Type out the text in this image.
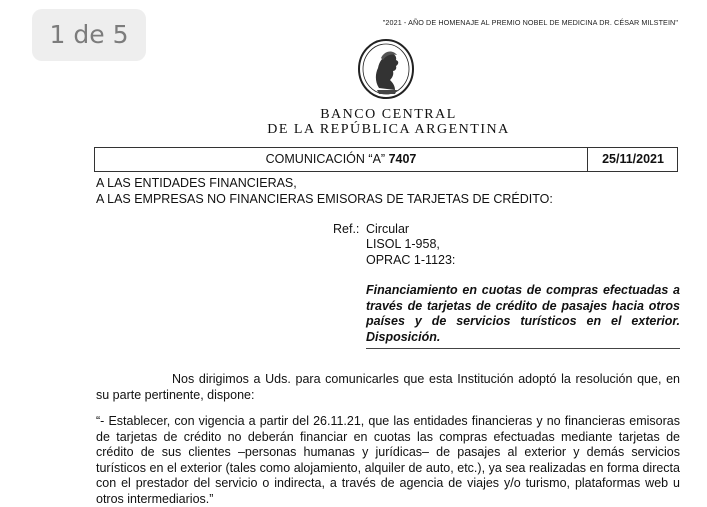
1 de 5	"2021 - AÑO DE HOMENAJE AL PREMIO NOBEL DE MEDICINA DR. CÉSAR MILSTEIN"
BANCO CENTRAL
DE LA REPÚBLICA ARGENTINA
COMUNICACIÓN “A” 7407	25/11/2021
A LAS ENTIDADES FINANCIERAS,
A LAS EMPRESAS NO FINANCIERAS EMISORAS DE TARJETAS DE CRÉDITO:
Ref.: Circular
LISOL 1-958,
OPRAC 1-1123:
Financiamiento en cuotas de compras efectuadas a través de tarjetas de crédito de pasajes hacia otros países y de servicios turísticos en el exterior. Disposición.
Nos dirigimos a Uds. para comunicarles que esta Institución adoptó la resolución que, en su parte pertinente, dispone:
“- Establecer, con vigencia a partir del 26.11.21, que las entidades financieras y no financieras emisoras de tarjetas de crédito no deberán financiar en cuotas las compras efectuadas mediante tarjetas de crédito de sus clientes –personas humanas y jurídicas– de pasajes al exterior y demás servicios turísticos en el exterior (tales como alojamiento, alquiler de auto, etc.), ya sea realizadas en forma directa con el prestador del servicio o indirecta, a través de agencia de viajes y/o turismo, plataformas web u otros intermediarios.”
